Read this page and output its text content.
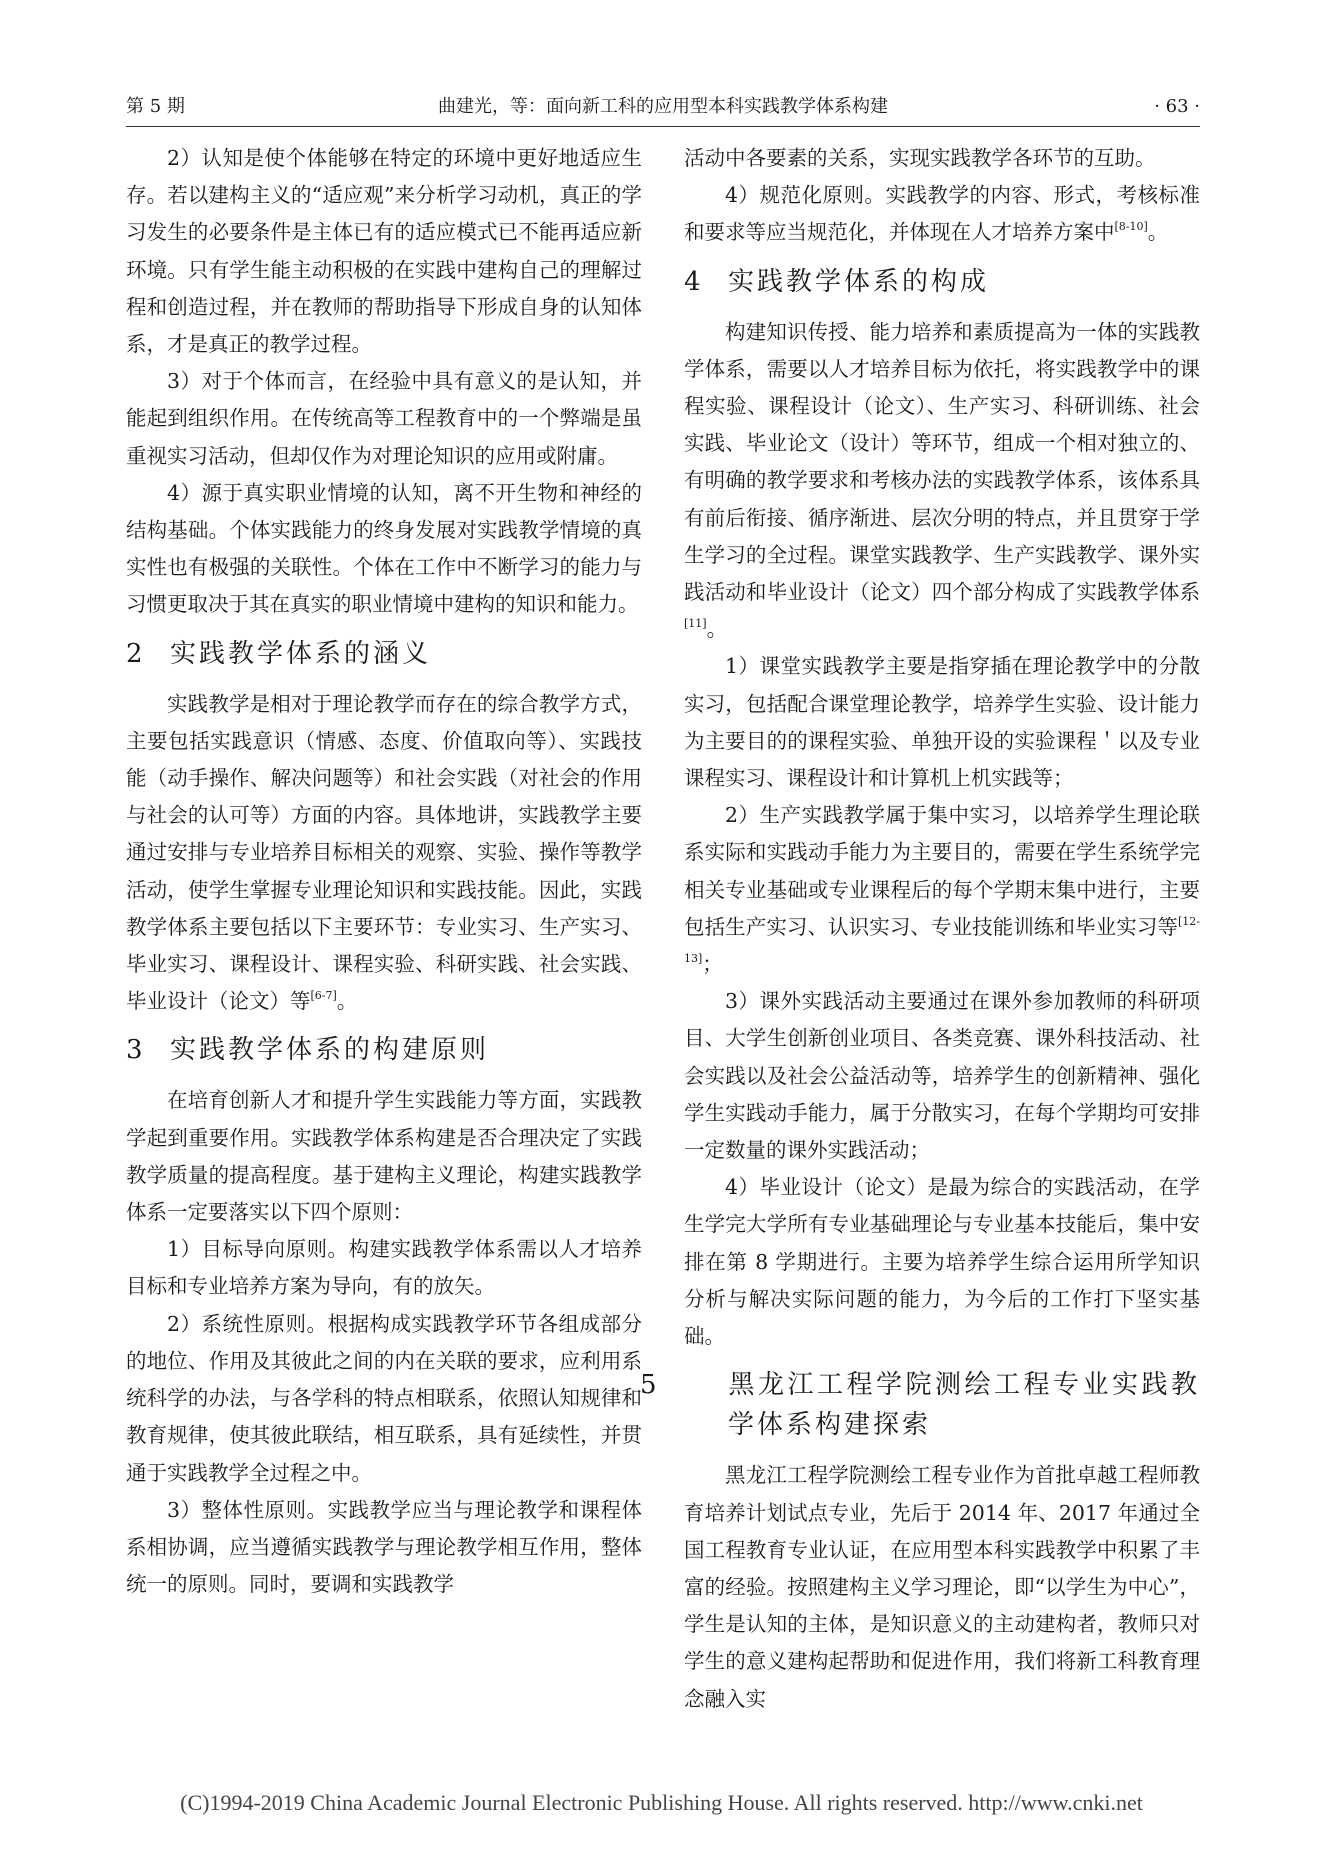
第 5 期	曲建光，等：面向新工科的应用型本科实践教学体系构建	· 63 ·

2）认知是使个体能够在特定的环境中更好地适应生存。若以建构主义的“适应观”来分析学习动机，真正的学习发生的必要条件是主体已有的适应模式已不能再适应新环境。只有学生能主动积极的在实践中建构自己的理解过程和创造过程，并在教师的帮助指导下形成自身的认知体系，才是真正的教学过程。

3）对于个体而言，在经验中具有意义的是认知，并能起到组织作用。在传统高等工程教育中的一个弊端是虽重视实习活动，但却仅作为对理论知识的应用或附庸。

4）源于真实职业情境的认知，离不开生物和神经的结构基础。个体实践能力的终身发展对实践教学情境的真实性也有极强的关联性。个体在工作中不断学习的能力与习惯更取决于其在真实的职业情境中建构的知识和能力。

2 实践教学体系的涵义

实践教学是相对于理论教学而存在的综合教学方式，主要包括实践意识（情感、态度、价值取向等）、实践技能（动手操作、解决问题等）和社会实践（对社会的作用与社会的认可等）方面的内容。具体地讲，实践教学主要通过安排与专业培养目标相关的观察、实验、操作等教学活动，使学生掌握专业理论知识和实践技能。因此，实践教学体系主要包括以下主要环节：专业实习、生产实习、毕业实习、课程设计、课程实验、科研实践、社会实践、毕业设计（论文）等[6-7]。

3 实践教学体系的构建原则

在培育创新人才和提升学生实践能力等方面，实践教学起到重要作用。实践教学体系构建是否合理决定了实践教学质量的提高程度。基于建构主义理论，构建实践教学体系一定要落实以下四个原则：

1）目标导向原则。构建实践教学体系需以人才培养目标和专业培养方案为导向，有的放矢。

2）系统性原则。根据构成实践教学环节各组成部分的地位、作用及其彼此之间的内在关联的要求，应利用系统科学的办法，与各学科的特点相联系，依照认知规律和教育规律，使其彼此联结，相互联系，具有延续性，并贯通于实践教学全过程之中。

3）整体性原则。实践教学应当与理论教学和课程体系相协调，应当遵循实践教学与理论教学相互作用，整体统一的原则。同时，要调和实践教学

活动中各要素的关系，实现实践教学各环节的互助。

4）规范化原则。实践教学的内容、形式，考核标准和要求等应当规范化，并体现在人才培养方案中[8-10]。

4 实践教学体系的构成

构建知识传授、能力培养和素质提高为一体的实践教学体系，需要以人才培养目标为依托，将实践教学中的课程实验、课程设计（论文）、生产实习、科研训练、社会实践、毕业论文（设计）等环节，组成一个相对独立的、有明确的教学要求和考核办法的实践教学体系，该体系具有前后衔接、循序渐进、层次分明的特点，并且贯穿于学生学习的全过程。课堂实践教学、生产实践教学、课外实践活动和毕业设计（论文）四个部分构成了实践教学体系[11]。

1）课堂实践教学主要是指穿插在理论教学中的分散实习，包括配合课堂理论教学，培养学生实验、设计能力为主要目的的课程实验、单独开设的实验课程＇以及专业课程实习、课程设计和计算机上机实践等；

2）生产实践教学属于集中实习，以培养学生理论联系实际和实践动手能力为主要目的，需要在学生系统学完相关专业基础或专业课程后的每个学期末集中进行，主要包括生产实习、认识实习、专业技能训练和毕业实习等[12-13]；

3）课外实践活动主要通过在课外参加教师的科研项目、大学生创新创业项目、各类竞赛、课外科技活动、社会实践以及社会公益活动等，培养学生的创新精神、强化学生实践动手能力，属于分散实习，在每个学期均可安排一定数量的课外实践活动；

4）毕业设计（论文）是最为综合的实践活动，在学生学完大学所有专业基础理论与专业基本技能后，集中安排在第 8 学期进行。主要为培养学生综合运用所学知识分析与解决实际问题的能力，为今后的工作打下坚实基础。

5	黑龙江工程学院测绘工程专业实践教学体系构建探索

黑龙江工程学院测绘工程专业作为首批卓越工程师教育培养计划试点专业，先后于 2014 年、2017 年通过全国工程教育专业认证，在应用型本科实践教学中积累了丰富的经验。按照建构主义学习理论，即“以学生为中心”，学生是认知的主体，是知识意义的主动建构者，教师只对学生的意义建构起帮助和促进作用，我们将新工科教育理念融入实

(C)1994-2019 China Academic Journal Electronic Publishing House. All rights reserved. http://www.cnki.net
